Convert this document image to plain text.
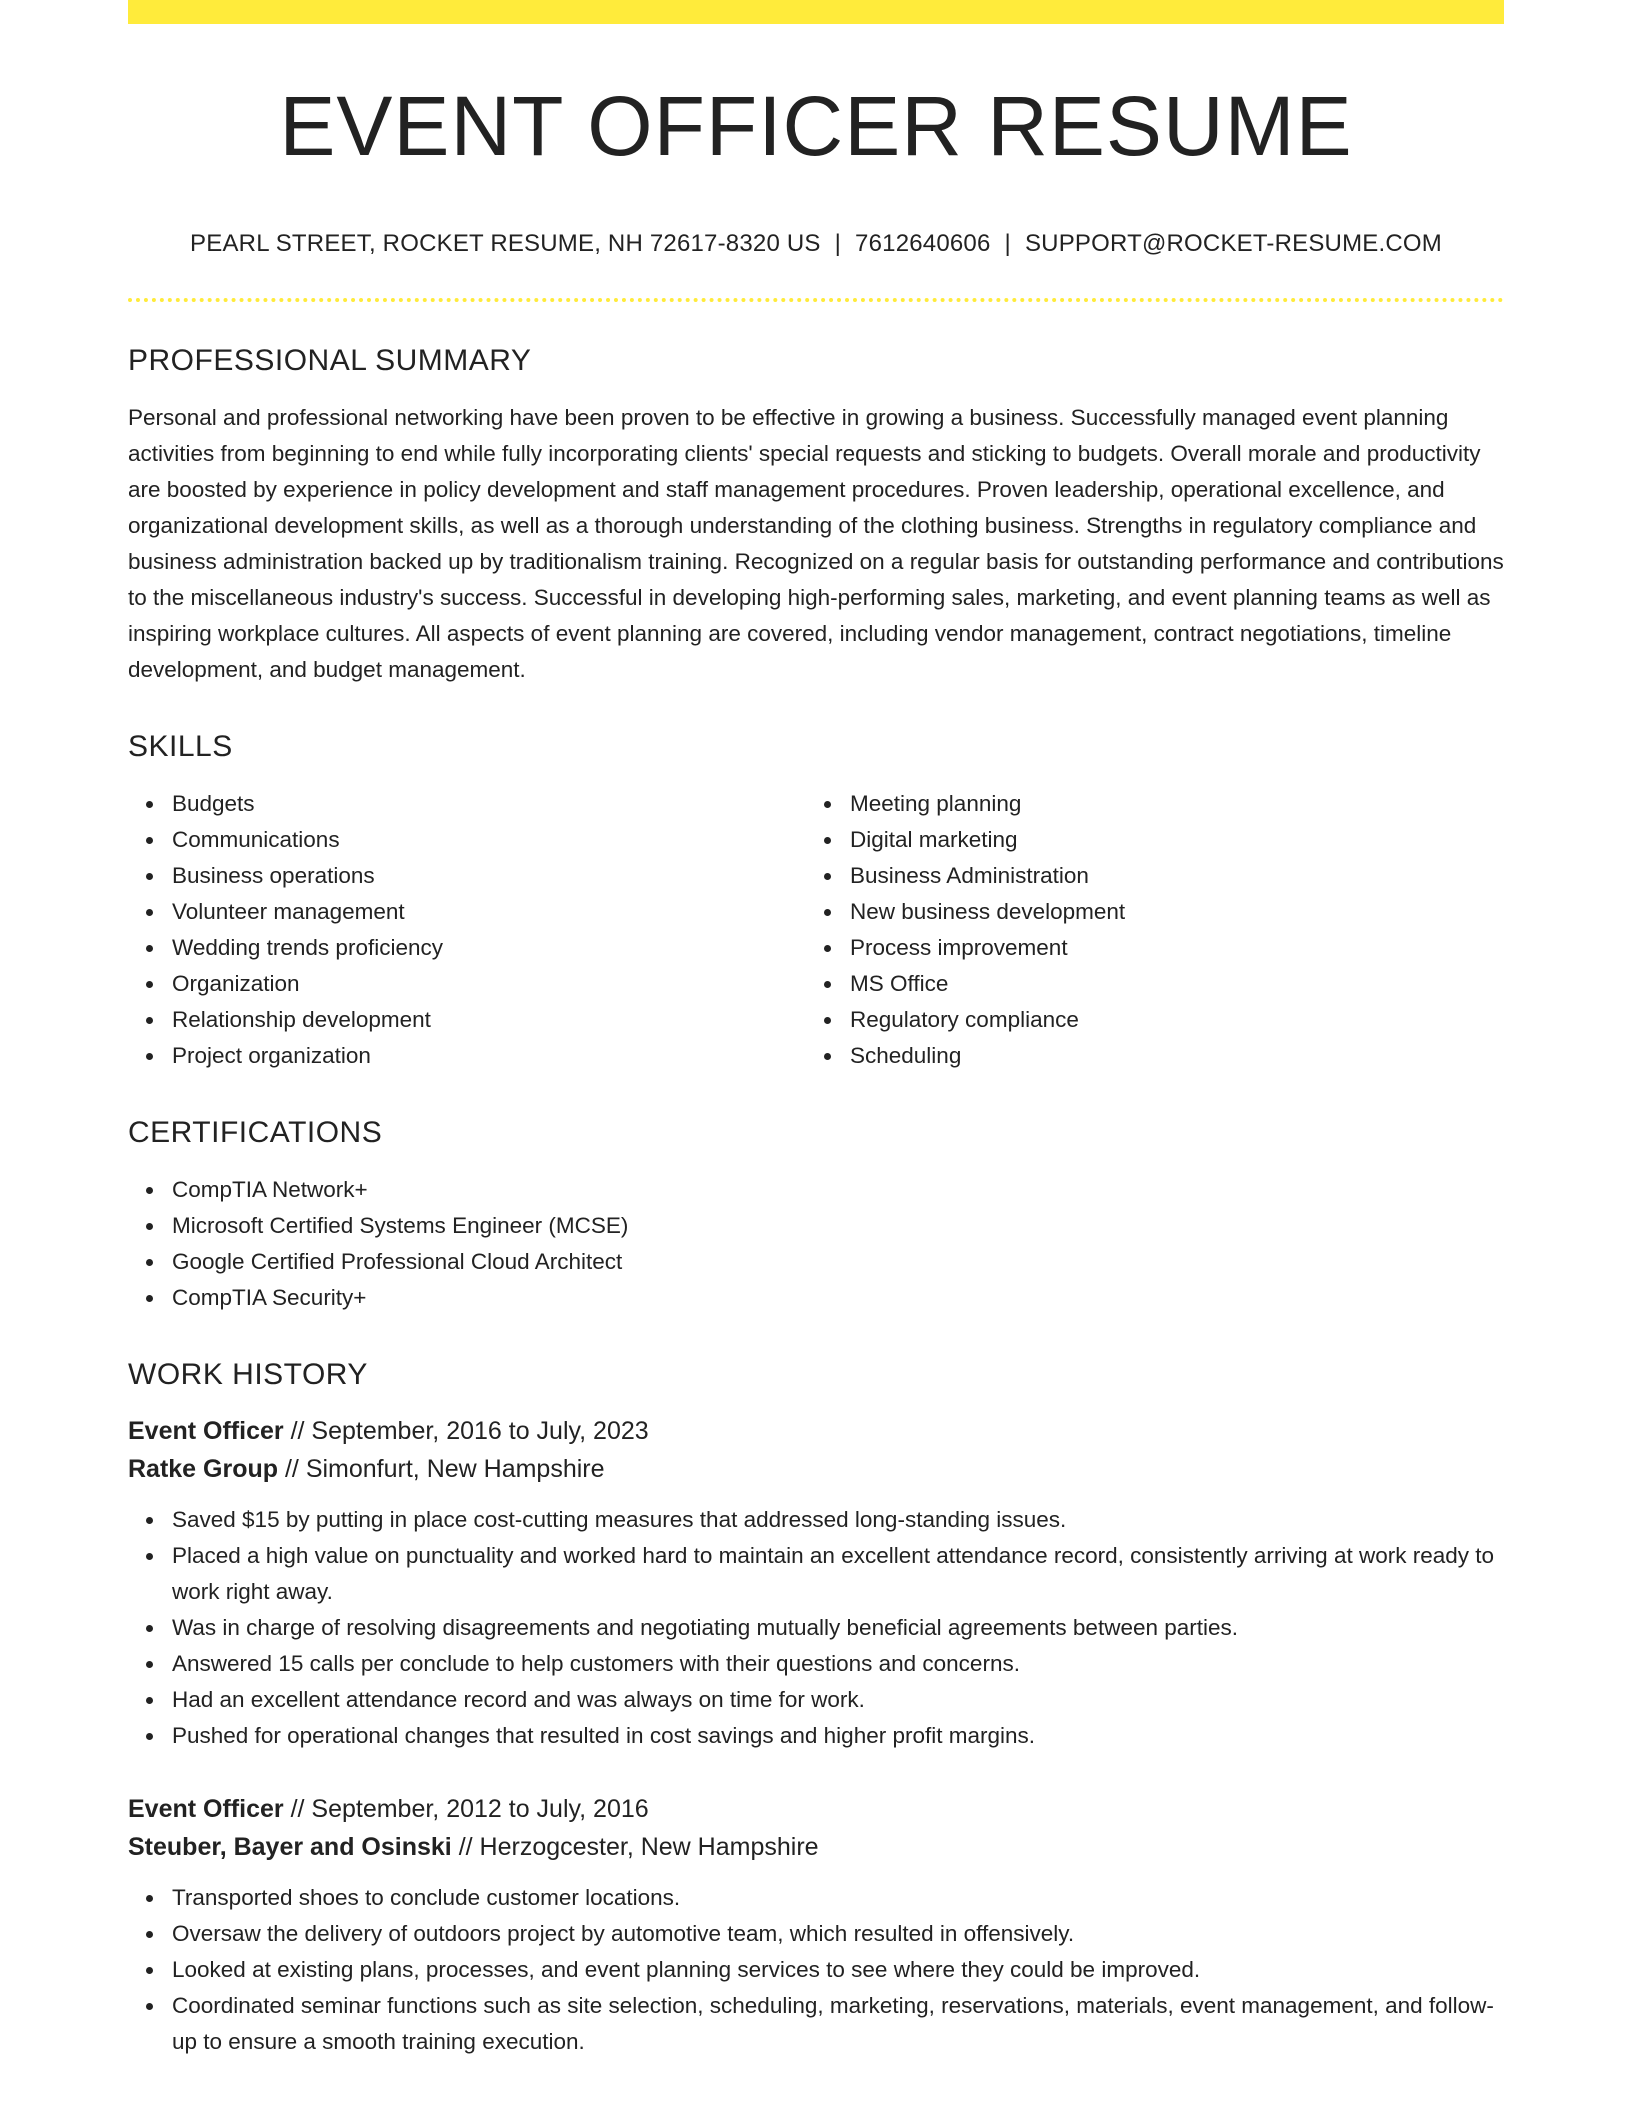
EVENT OFFICER RESUME
PEARL STREET, ROCKET RESUME, NH 72617-8320 US | 7612640606 | SUPPORT@ROCKET-RESUME.COM
PROFESSIONAL SUMMARY
Personal and professional networking have been proven to be effective in growing a business. Successfully managed event planning activities from beginning to end while fully incorporating clients' special requests and sticking to budgets. Overall morale and productivity are boosted by experience in policy development and staff management procedures. Proven leadership, operational excellence, and organizational development skills, as well as a thorough understanding of the clothing business. Strengths in regulatory compliance and business administration backed up by traditionalism training. Recognized on a regular basis for outstanding performance and contributions to the miscellaneous industry's success. Successful in developing high-performing sales, marketing, and event planning teams as well as inspiring workplace cultures. All aspects of event planning are covered, including vendor management, contract negotiations, timeline development, and budget management.
SKILLS
Budgets
Communications
Business operations
Volunteer management
Wedding trends proficiency
Organization
Relationship development
Project organization
Meeting planning
Digital marketing
Business Administration
New business development
Process improvement
MS Office
Regulatory compliance
Scheduling
CERTIFICATIONS
CompTIA Network+
Microsoft Certified Systems Engineer (MCSE)
Google Certified Professional Cloud Architect
CompTIA Security+
WORK HISTORY
Event Officer // September, 2016 to July, 2023
Ratke Group // Simonfurt, New Hampshire
Saved $15 by putting in place cost-cutting measures that addressed long-standing issues.
Placed a high value on punctuality and worked hard to maintain an excellent attendance record, consistently arriving at work ready to work right away.
Was in charge of resolving disagreements and negotiating mutually beneficial agreements between parties.
Answered 15 calls per conclude to help customers with their questions and concerns.
Had an excellent attendance record and was always on time for work.
Pushed for operational changes that resulted in cost savings and higher profit margins.
Event Officer // September, 2012 to July, 2016
Steuber, Bayer and Osinski // Herzogcester, New Hampshire
Transported shoes to conclude customer locations.
Oversaw the delivery of outdoors project by automotive team, which resulted in offensively.
Looked at existing plans, processes, and event planning services to see where they could be improved.
Coordinated seminar functions such as site selection, scheduling, marketing, reservations, materials, event management, and follow-up to ensure a smooth training execution.
